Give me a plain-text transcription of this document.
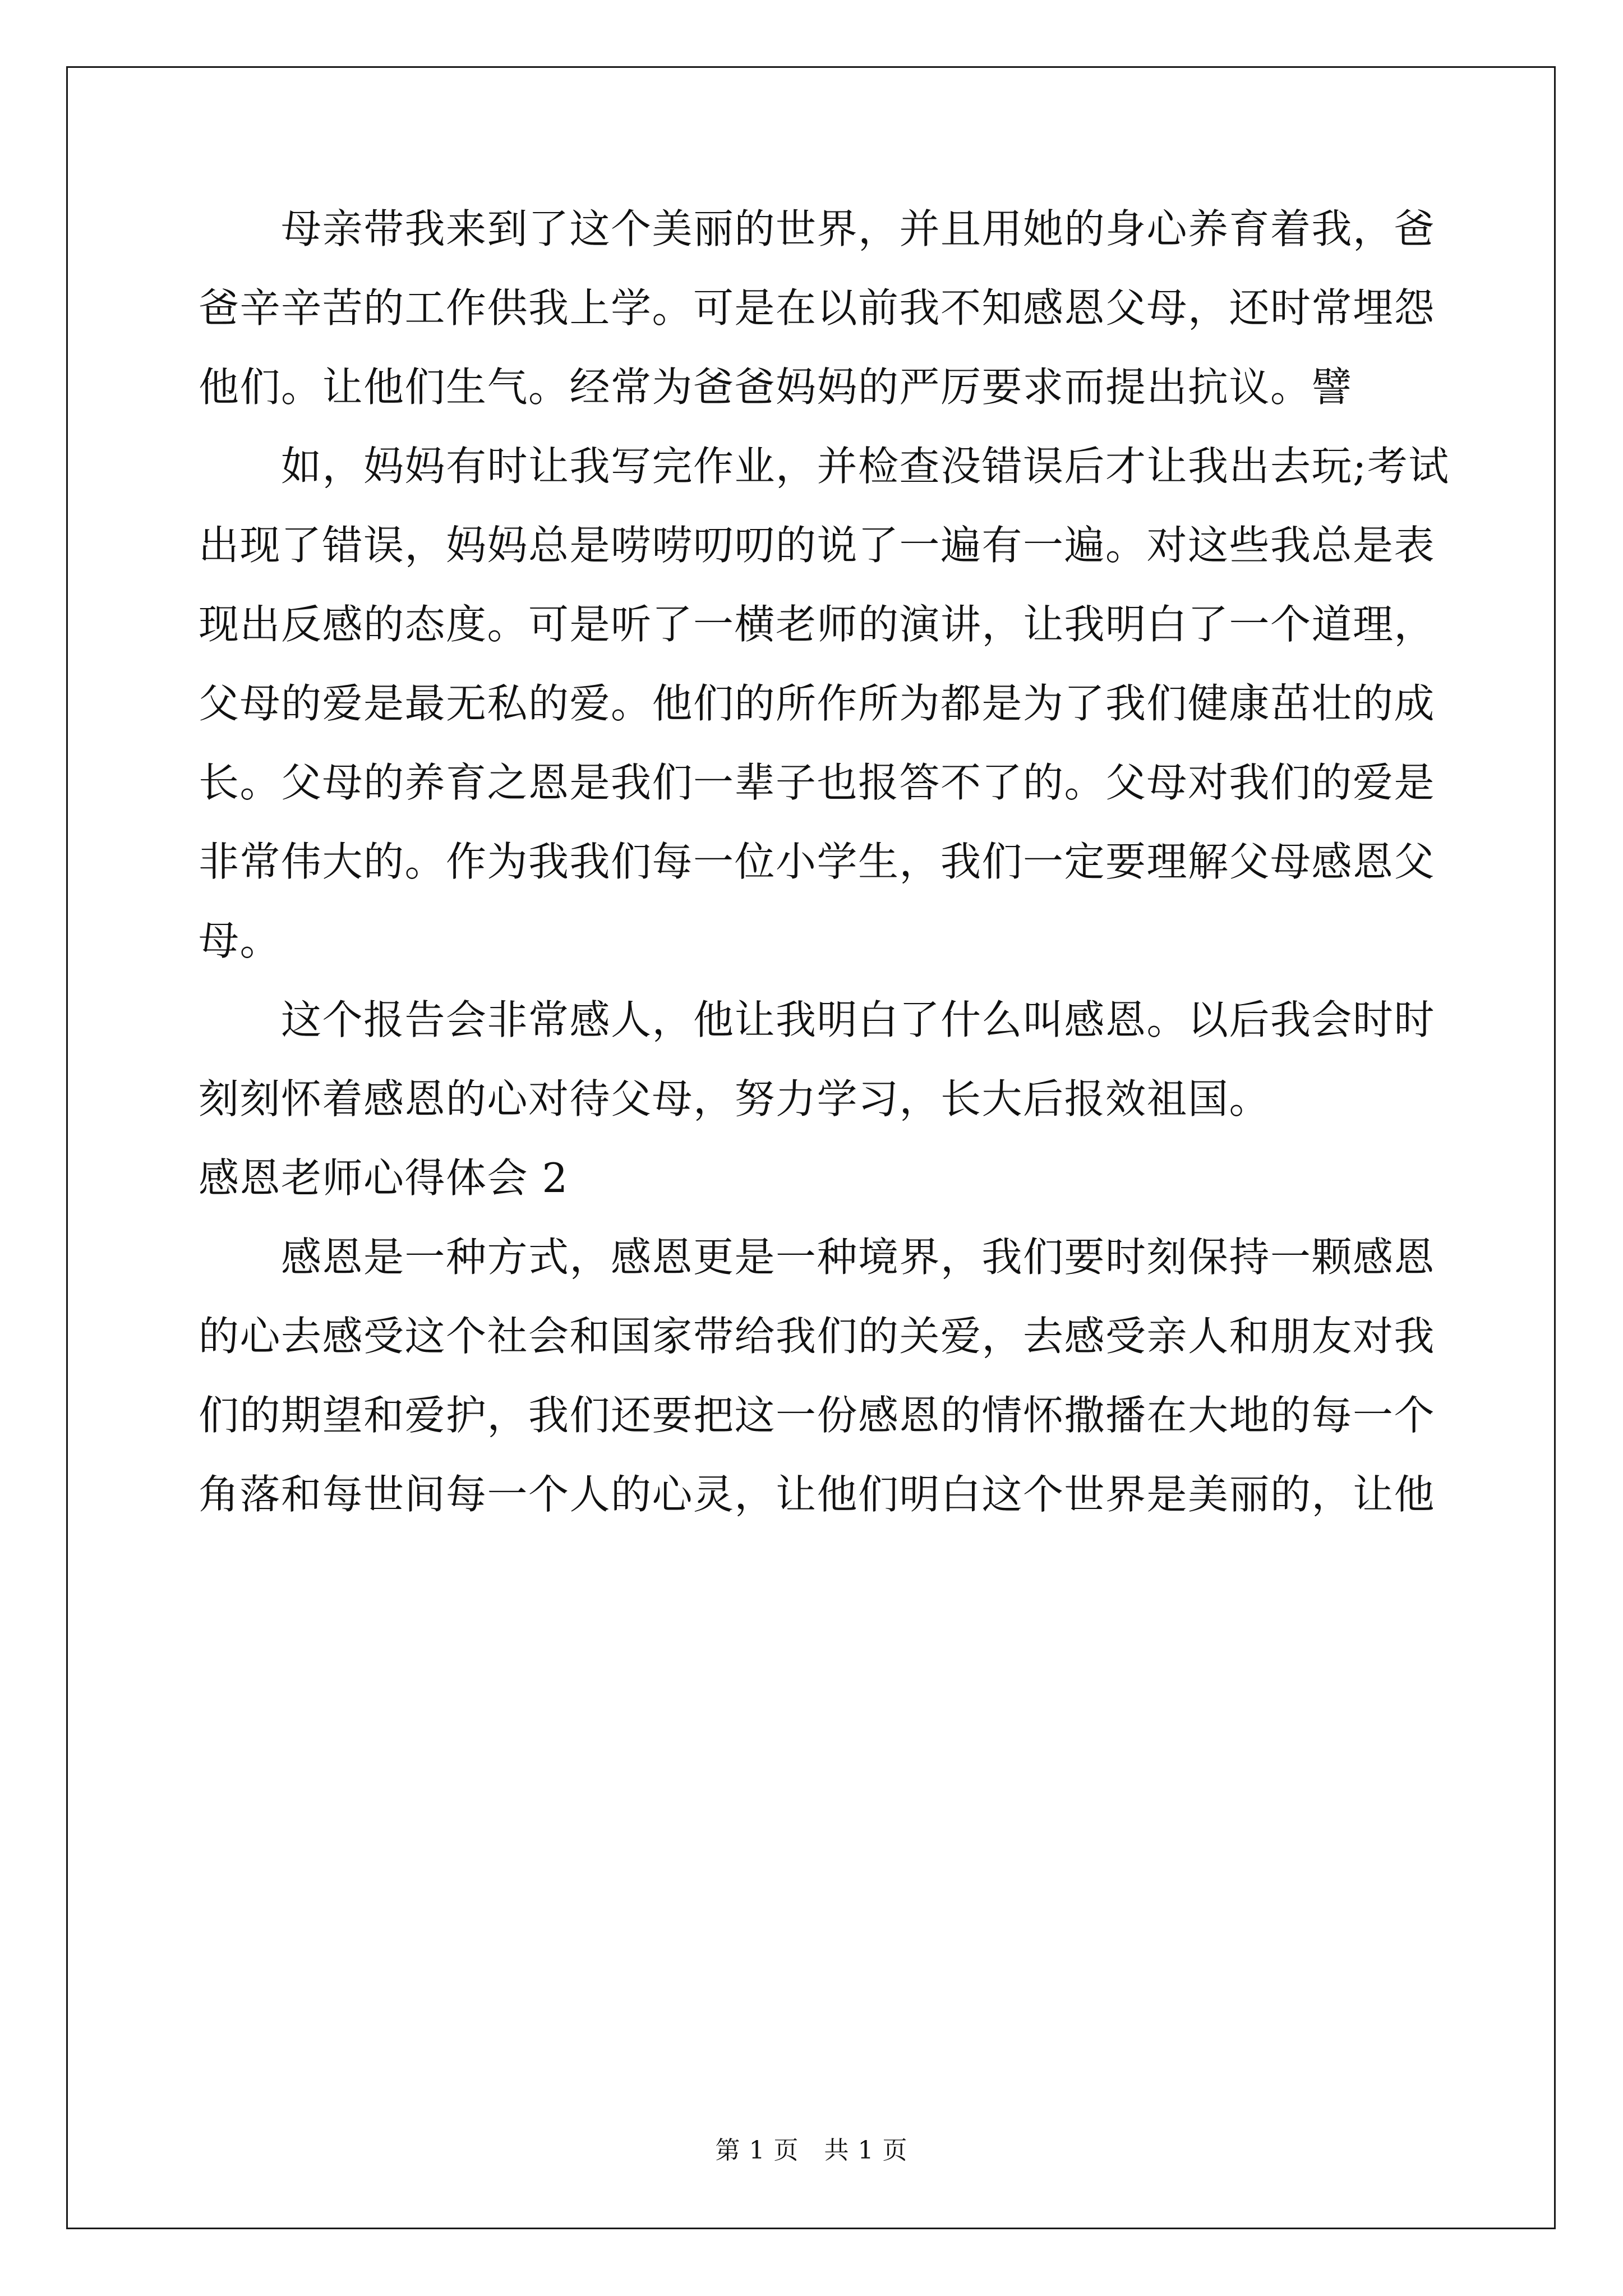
　　母亲带我来到了这个美丽的世界，并且用她的身心养育着我，爸
爸辛辛苦的工作供我上学。可是在以前我不知感恩父母，还时常埋怨
他们。让他们生气。经常为爸爸妈妈的严厉要求而提出抗议。譬
　　如，妈妈有时让我写完作业，并检查没错误后才让我出去玩;考试
出现了错误，妈妈总是唠唠叨叨的说了一遍有一遍。对这些我总是表
现出反感的态度。可是听了一横老师的演讲，让我明白了一个道理，
父母的爱是最无私的爱。他们的所作所为都是为了我们健康茁壮的成
长。父母的养育之恩是我们一辈子也报答不了的。父母对我们的爱是
非常伟大的。作为我我们每一位小学生，我们一定要理解父母感恩父
母。
　　这个报告会非常感人，他让我明白了什么叫感恩。以后我会时时
刻刻怀着感恩的心对待父母，努力学习，长大后报效祖国。
感恩老师心得体会 2
　　感恩是一种方式，感恩更是一种境界，我们要时刻保持一颗感恩
的心去感受这个社会和国家带给我们的关爱，去感受亲人和朋友对我
们的期望和爱护，我们还要把这一份感恩的情怀撒播在大地的每一个
角落和每世间每一个人的心灵，让他们明白这个世界是美丽的，让他
第 1 页　共 1 页
